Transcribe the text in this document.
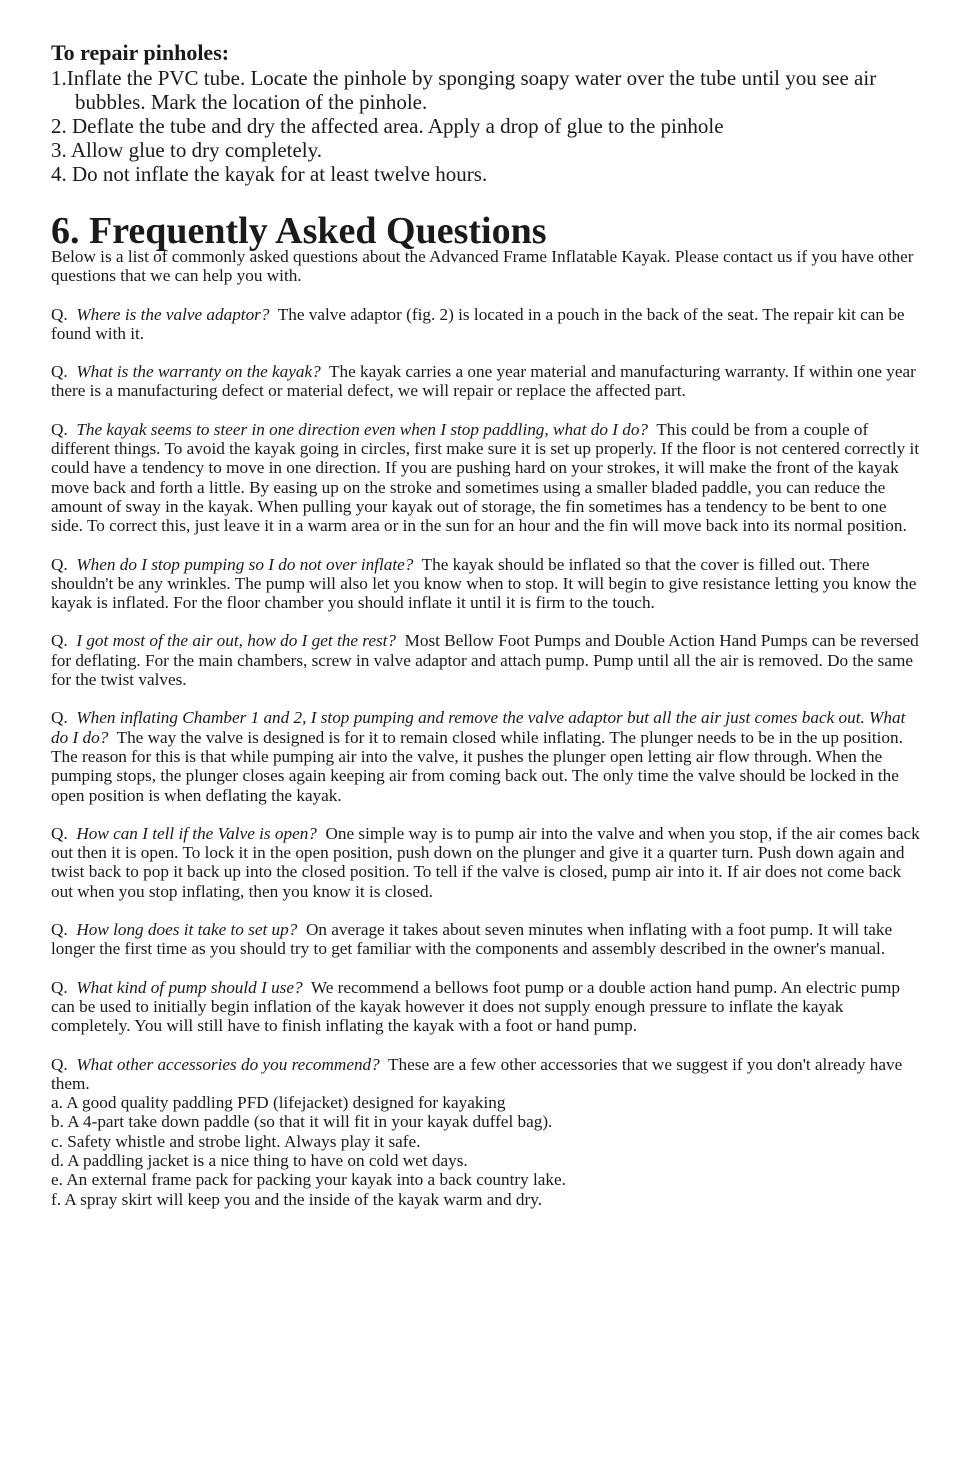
To repair pinholes:

1.Inflate the PVC tube. Locate the pinhole by sponging soapy water over the tube until you see air bubbles. Mark the location of the pinhole.

2. Deflate the tube and dry the affected area. Apply a drop of glue to the pinhole

3. Allow glue to dry completely.

4. Do not inflate the kayak for at least twelve hours.

6. Frequently Asked Questions

Below is a list of commonly asked questions about the Advanced Frame Inflatable Kayak. Please contact us if you have other questions that we can help you with.

Q. Where is the valve adaptor? The valve adaptor (fig. 2) is located in a pouch in the back of the seat. The repair kit can be found with it.

Q. What is the warranty on the kayak? The kayak carries a one year material and manufacturing warranty. If within one year there is a manufacturing defect or material defect, we will repair or replace the affected part.

Q. The kayak seems to steer in one direction even when I stop paddling, what do I do? This could be from a couple of different things. To avoid the kayak going in circles, first make sure it is set up properly. If the floor is not centered correctly it could have a tendency to move in one direction. If you are pushing hard on your strokes, it will make the front of the kayak move back and forth a little. By easing up on the stroke and sometimes using a smaller bladed paddle, you can reduce the amount of sway in the kayak. When pulling your kayak out of storage, the fin sometimes has a tendency to be bent to one side. To correct this, just leave it in a warm area or in the sun for an hour and the fin will move back into its normal position.

Q. When do I stop pumping so I do not over inflate? The kayak should be inflated so that the cover is filled out. There shouldn't be any wrinkles. The pump will also let you know when to stop. It will begin to give resistance letting you know the kayak is inflated. For the floor chamber you should inflate it until it is firm to the touch.

Q. I got most of the air out, how do I get the rest? Most Bellow Foot Pumps and Double Action Hand Pumps can be reversed for deflating. For the main chambers, screw in valve adaptor and attach pump. Pump until all the air is removed. Do the same for the twist valves.

Q. When inflating Chamber 1 and 2, I stop pumping and remove the valve adaptor but all the air just comes back out. What do I do? The way the valve is designed is for it to remain closed while inflating. The plunger needs to be in the up position. The reason for this is that while pumping air into the valve, it pushes the plunger open letting air flow through. When the pumping stops, the plunger closes again keeping air from coming back out. The only time the valve should be locked in the open position is when deflating the kayak.

Q. How can I tell if the Valve is open? One simple way is to pump air into the valve and when you stop, if the air comes back out then it is open. To lock it in the open position, push down on the plunger and give it a quarter turn. Push down again and twist back to pop it back up into the closed position. To tell if the valve is closed, pump air into it. If air does not come back out when you stop inflating, then you know it is closed.

Q. How long does it take to set up? On average it takes about seven minutes when inflating with a foot pump. It will take longer the first time as you should try to get familiar with the components and assembly described in the owner's manual.

Q. What kind of pump should I use? We recommend a bellows foot pump or a double action hand pump. An electric pump can be used to initially begin inflation of the kayak however it does not supply enough pressure to inflate the kayak completely. You will still have to finish inflating the kayak with a foot or hand pump.

Q. What other accessories do you recommend? These are a few other accessories that we suggest if you don't already have them.
a. A good quality paddling PFD (lifejacket) designed for kayaking
b. A 4-part take down paddle (so that it will fit in your kayak duffel bag).
c. Safety whistle and strobe light. Always play it safe.
d. A paddling jacket is a nice thing to have on cold wet days.
e. An external frame pack for packing your kayak into a back country lake.
f. A spray skirt will keep you and the inside of the kayak warm and dry.
